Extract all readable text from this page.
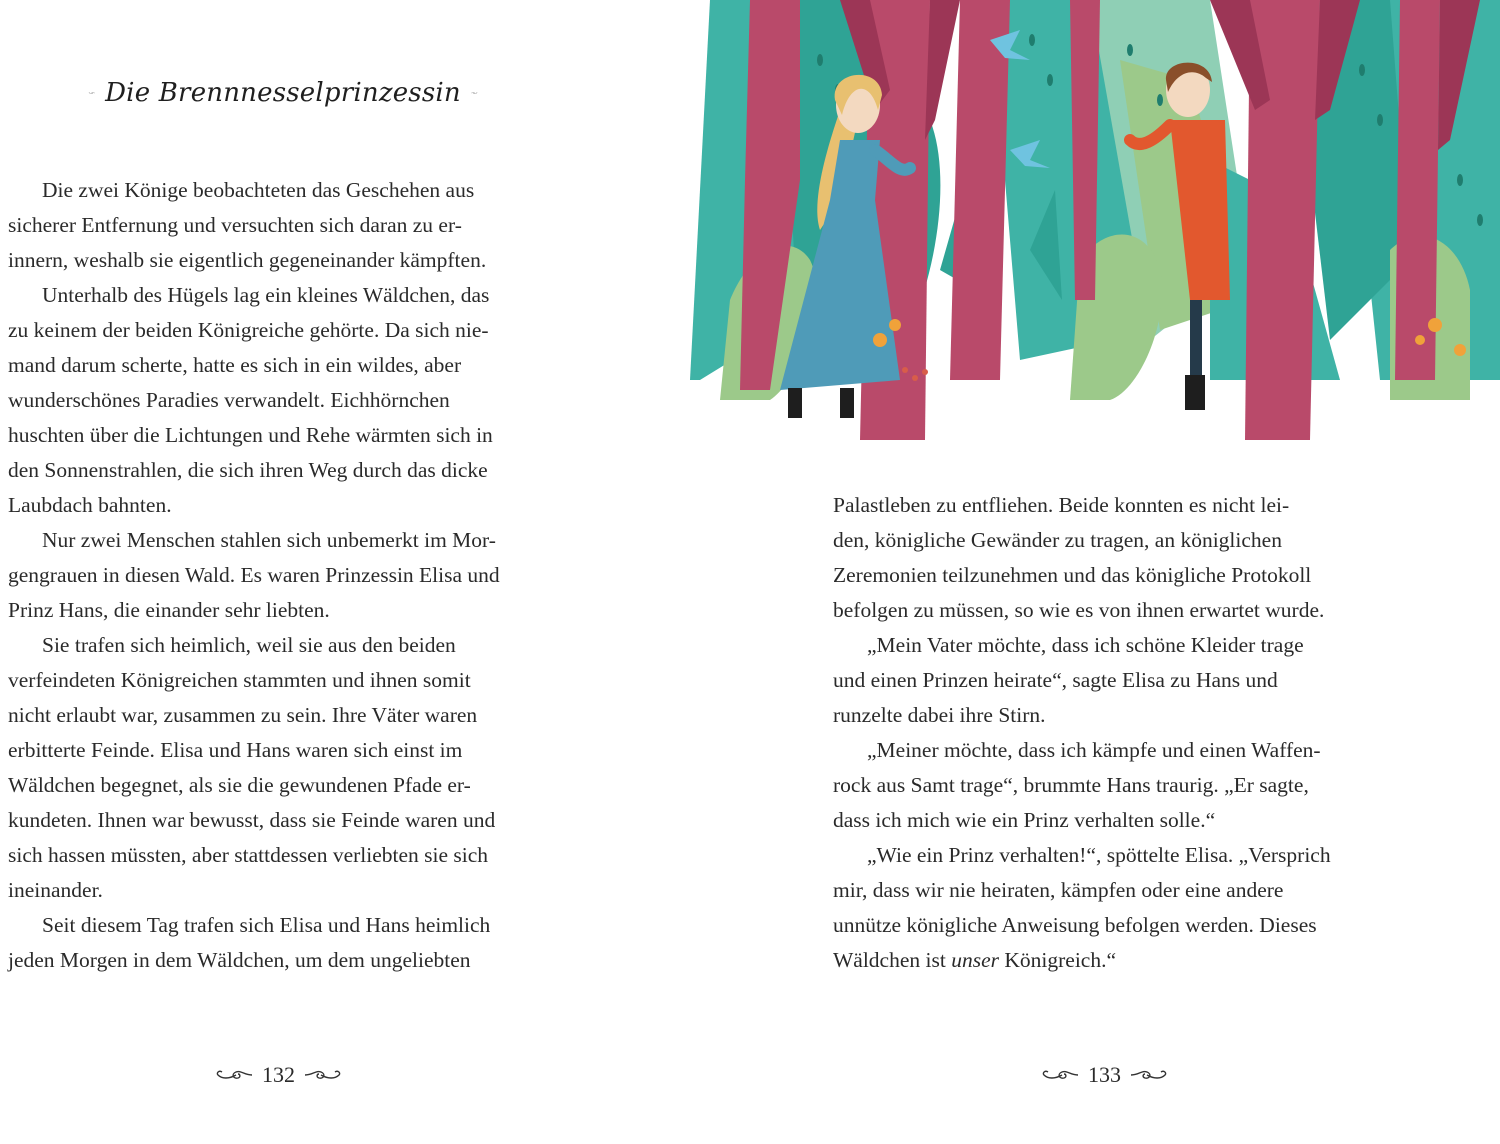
Die Brennnesselprinzessin

Die zwei Könige beobachteten das Geschehen aus

sicherer Entfernung und versuchten sich daran zu er-

innern, weshalb sie eigentlich gegeneinander kämpften.

Unterhalb des Hügels lag ein kleines Wäldchen, das

zu keinem der beiden Königreiche gehörte. Da sich nie-

mand darum scherte, hatte es sich in ein wildes, aber

wunderschönes Paradies verwandelt. Eichhörnchen

huschten über die Lichtungen und Rehe wärmten sich in

den Sonnenstrahlen, die sich ihren Weg durch das dicke

Laubdach bahnten.

Nur zwei Menschen stahlen sich unbemerkt im Mor-

gengrauen in diesen Wald. Es waren Prinzessin Elisa und

Prinz Hans, die einander sehr liebten.

Sie trafen sich heimlich, weil sie aus den beiden

verfeindeten Königreichen stammten und ihnen somit

nicht erlaubt war, zusammen zu sein. Ihre Väter waren

erbitterte Feinde. Elisa und Hans waren sich einst im

Wäldchen begegnet, als sie die gewundenen Pfade er-

kundeten. Ihnen war bewusst, dass sie Feinde waren und

sich hassen müssten, aber stattdessen verliebten sie sich

ineinander.

Seit diesem Tag trafen sich Elisa und Hans heimlich

jeden Morgen in dem Wäldchen, um dem ungeliebten

132

Palastleben zu entfliehen. Beide konnten es nicht lei-

den, königliche Gewänder zu tragen, an königlichen

Zeremonien teilzunehmen und das königliche Protokoll

befolgen zu müssen, so wie es von ihnen erwartet wurde.

„Mein Vater möchte, dass ich schöne Kleider trage

und einen Prinzen heirate“, sagte Elisa zu Hans und

runzelte dabei ihre Stirn.

„Meiner möchte, dass ich kämpfe und einen Waffen-

rock aus Samt trage“, brummte Hans traurig. „Er sagte,

dass ich mich wie ein Prinz verhalten solle.“

„Wie ein Prinz verhalten!“, spöttelte Elisa. „Versprich

mir, dass wir nie heiraten, kämpfen oder eine andere

unnütze königliche Anweisung befolgen werden. Dieses

Wäldchen ist unser Königreich.“

133
